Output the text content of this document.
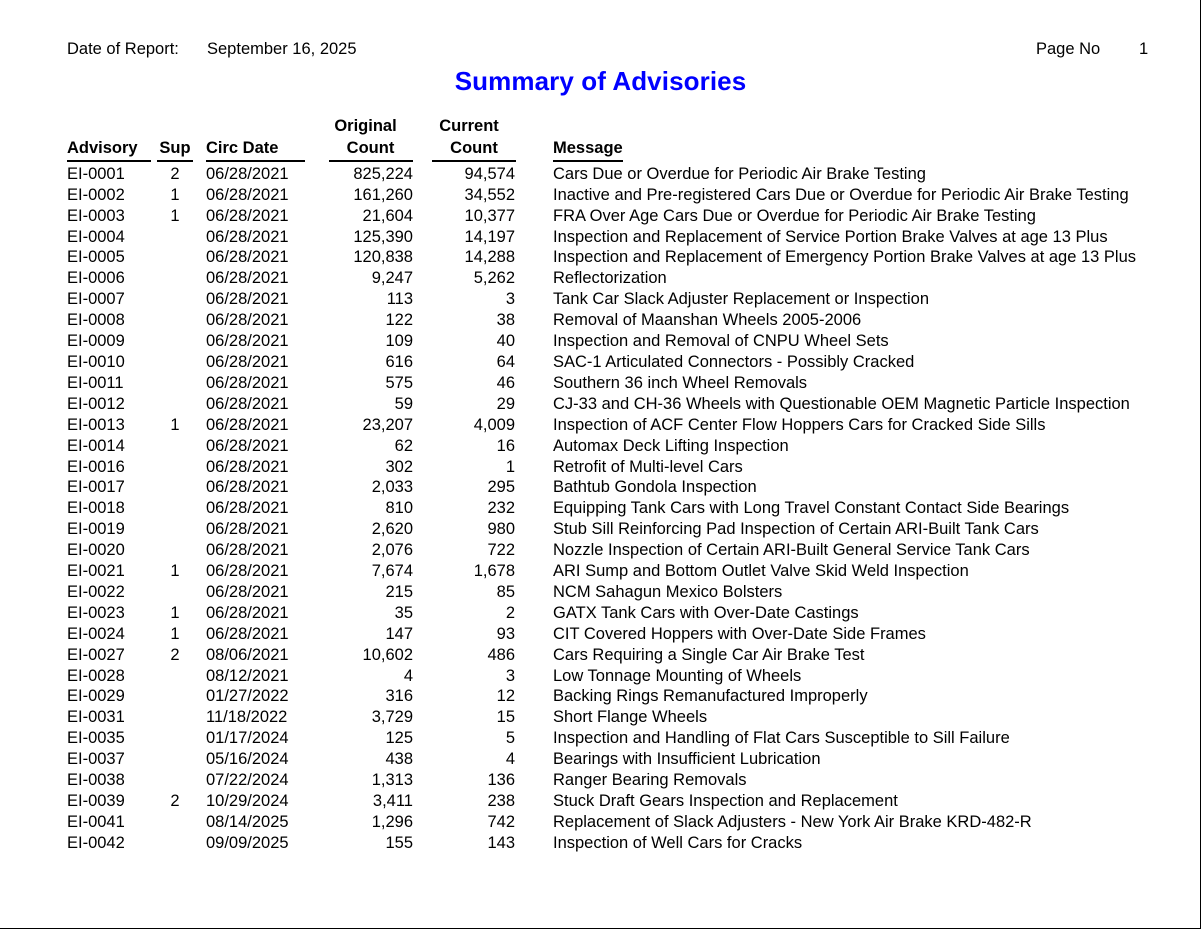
Date of Report: September 16, 2025	Page No 1
Summary of Advisories
			Original	Current	
Advisory	Sup	Circ Date	Count	Count	Message
EI-0001	2	06/28/2021	825,224	94,574	Cars Due or Overdue for Periodic Air Brake Testing
EI-0002	1	06/28/2021	161,260	34,552	Inactive and Pre-registered Cars Due or Overdue for Periodic Air Brake Testing
EI-0003	1	06/28/2021	21,604	10,377	FRA Over Age Cars Due or Overdue for Periodic Air Brake Testing
EI-0004		06/28/2021	125,390	14,197	Inspection and Replacement of Service Portion Brake Valves at age 13 Plus
EI-0005		06/28/2021	120,838	14,288	Inspection and Replacement of Emergency Portion Brake Valves at age 13 Plus
EI-0006		06/28/2021	9,247	5,262	Reflectorization
EI-0007		06/28/2021	113	3	Tank Car Slack Adjuster Replacement or Inspection
EI-0008		06/28/2021	122	38	Removal of Maanshan Wheels 2005-2006
EI-0009		06/28/2021	109	40	Inspection and Removal of CNPU Wheel Sets
EI-0010		06/28/2021	616	64	SAC-1 Articulated Connectors - Possibly Cracked
EI-0011		06/28/2021	575	46	Southern 36 inch Wheel Removals
EI-0012		06/28/2021	59	29	CJ-33 and CH-36 Wheels with Questionable OEM Magnetic Particle Inspection
EI-0013	1	06/28/2021	23,207	4,009	Inspection of ACF Center Flow Hoppers Cars for Cracked Side Sills
EI-0014		06/28/2021	62	16	Automax Deck Lifting Inspection
EI-0016		06/28/2021	302	1	Retrofit of Multi-level Cars
EI-0017		06/28/2021	2,033	295	Bathtub Gondola Inspection
EI-0018		06/28/2021	810	232	Equipping Tank Cars with Long Travel Constant Contact Side Bearings
EI-0019		06/28/2021	2,620	980	Stub Sill Reinforcing Pad Inspection of Certain ARI-Built Tank Cars
EI-0020		06/28/2021	2,076	722	Nozzle Inspection of Certain ARI-Built General Service Tank Cars
EI-0021	1	06/28/2021	7,674	1,678	ARI Sump and Bottom Outlet Valve Skid Weld Inspection
EI-0022		06/28/2021	215	85	NCM Sahagun Mexico Bolsters
EI-0023	1	06/28/2021	35	2	GATX Tank Cars with Over-Date Castings
EI-0024	1	06/28/2021	147	93	CIT Covered Hoppers with Over-Date Side Frames
EI-0027	2	08/06/2021	10,602	486	Cars Requiring a Single Car Air Brake Test
EI-0028		08/12/2021	4	3	Low Tonnage Mounting of Wheels
EI-0029		01/27/2022	316	12	Backing Rings Remanufactured Improperly
EI-0031		11/18/2022	3,729	15	Short Flange Wheels
EI-0035		01/17/2024	125	5	Inspection and Handling of Flat Cars Susceptible to Sill Failure
EI-0037		05/16/2024	438	4	Bearings with Insufficient Lubrication
EI-0038		07/22/2024	1,313	136	Ranger Bearing Removals
EI-0039	2	10/29/2024	3,411	238	Stuck Draft Gears Inspection and Replacement
EI-0041		08/14/2025	1,296	742	Replacement of Slack Adjusters - New York Air Brake KRD-482-R
EI-0042		09/09/2025	155	143	Inspection of Well Cars for Cracks
